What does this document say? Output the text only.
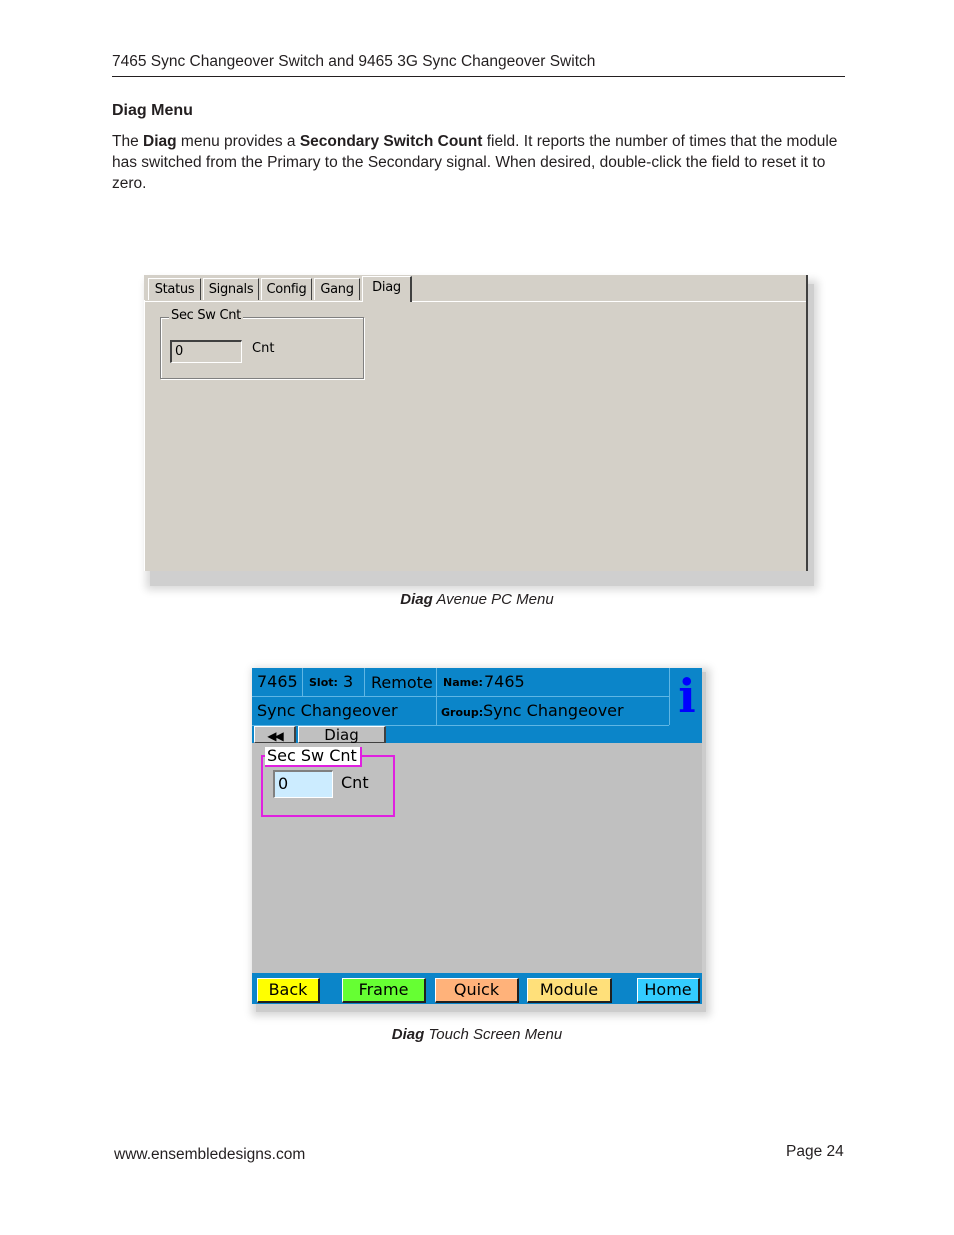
7465 Sync Changeover Switch and 9465 3G Sync Changeover Switch
Diag Menu
The Diag menu provides a Secondary Switch Count field. It reports the number of times that the module has switched from the Primary to the Secondary signal. When desired, double-click the field to reset it to zero.
Status	Signals	Config	Gang	Diag
Sec Sw Cnt
0	Cnt
Diag Avenue PC Menu
7465 Slot: 3 Remote Name: 7465
Sync Changeover	Group: Sync Changeover i
◀◀	Diag
Sec Sw Cnt
0	Cnt
Back	Frame	Quick	Module	Home
Diag Touch Screen Menu
www.ensembledesigns.com	Page 24
